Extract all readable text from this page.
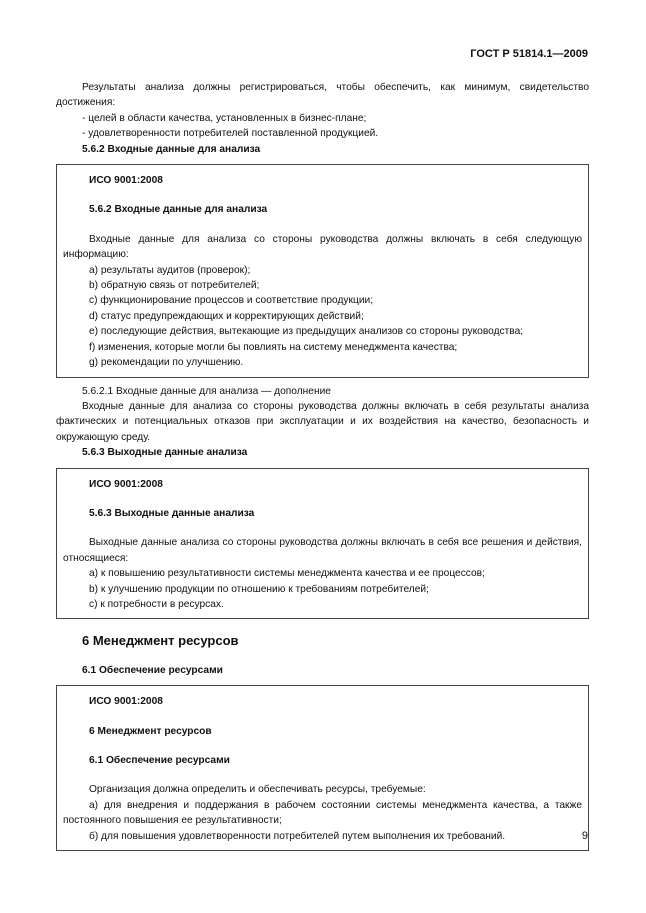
ГОСТ Р 51814.1—2009

Результаты анализа должны регистрироваться, чтобы обеспечить, как минимум, свидетельство достижения:

- целей в области качества, установленных в бизнес-плане;

- удовлетворенности потребителей поставленной продукцией.

5.6.2 Входные данные для анализа

ИСО 9001:2008

5.6.2 Входные данные для анализа

Входные данные для анализа со стороны руководства должны включать в себя следующую информацию:

a) результаты аудитов (проверок);

b) обратную связь от потребителей;

c) функционирование процессов и соответствие продукции;

d) статус предупреждающих и корректирующих действий;

e) последующие действия, вытекающие из предыдущих анализов со стороны руководства;

f) изменения, которые могли бы повлиять на систему менеджмента качества;

g) рекомендации по улучшению.

5.6.2.1 Входные данные для анализа — дополнение

Входные данные для анализа со стороны руководства должны включать в себя результаты анализа фактических и потенциальных отказов при эксплуатации и их воздействия на качество, безопасность и окружающую среду.

5.6.3 Выходные данные анализа

ИСО 9001:2008

5.6.3 Выходные данные анализа

Выходные данные анализа со стороны руководства должны включать в себя все решения и действия, относящиеся:

a) к повышению результативности системы менеджмента качества и ее процессов;

b) к улучшению продукции по отношению к требованиям потребителей;

c) к потребности в ресурсах.

6 Менеджмент ресурсов

6.1 Обеспечение ресурсами

ИСО 9001:2008

6 Менеджмент ресурсов

6.1 Обеспечение ресурсами

Организация должна определить и обеспечивать ресурсы, требуемые:

а) для внедрения и поддержания в рабочем состоянии системы менеджмента качества, а также постоянного повышения ее результативности;

б) для повышения удовлетворенности потребителей путем выполнения их требований.	9
